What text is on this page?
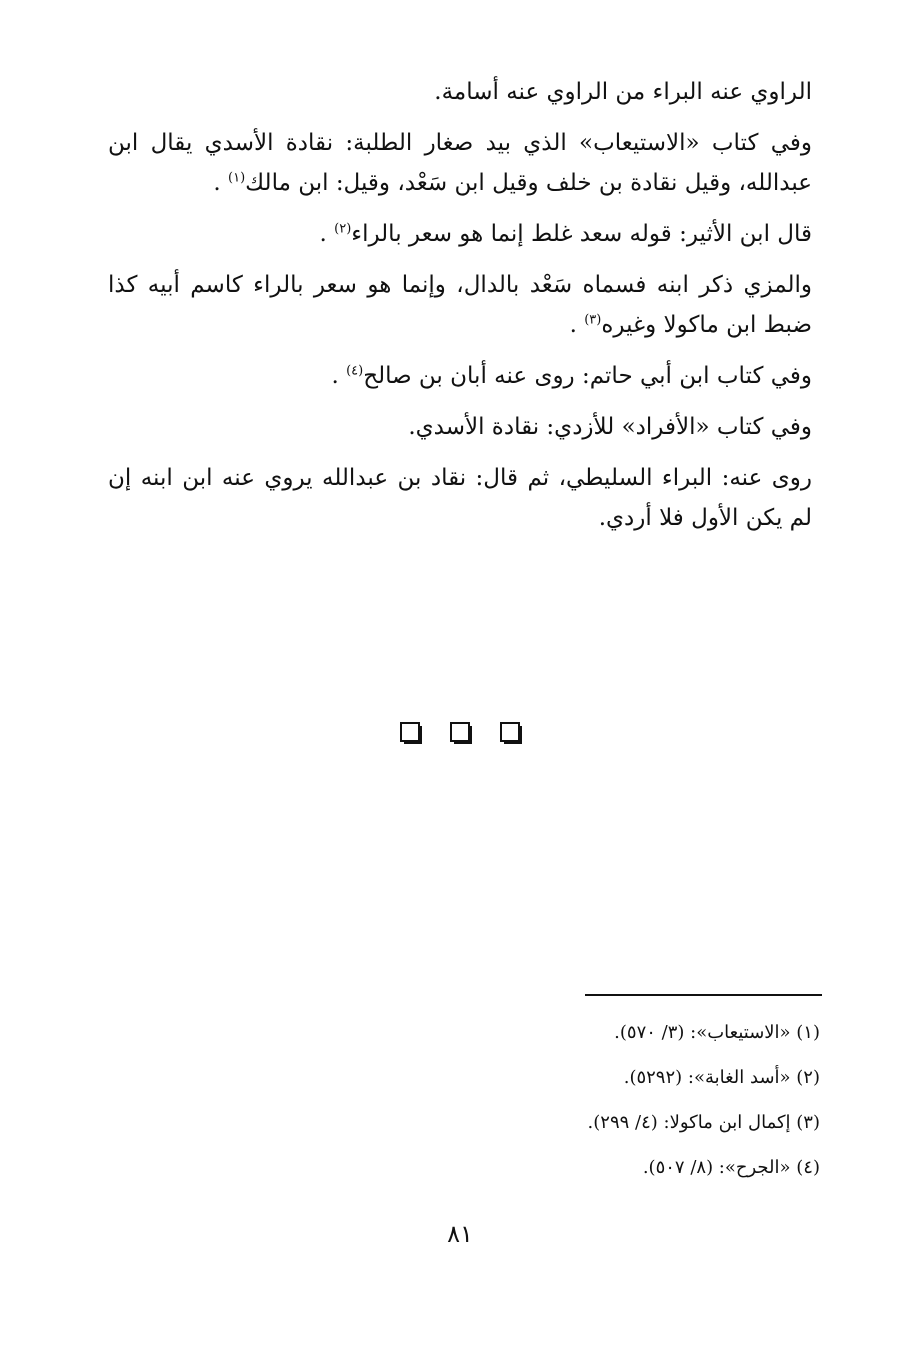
الراوي عنه البراء من الراوي عنه أسامة.

وفي كتاب «الاستيعاب» الذي بيد صغار الطلبة: نقادة الأسدي يقال ابن عبدالله، وقيل نقادة بن خلف وقيل ابن سَعْد، وقيل: ابن مالك$^{(١)}$ .

قال ابن الأثير: قوله سعد غلط إنما هو سعر بالراء$^{(٢)}$ .

والمزي ذكر ابنه فسماه سَعْد بالدال، وإنما هو سعر بالراء كاسم أبيه كذا ضبط ابن ماكولا وغيره$^{(٣)}$ .

وفي كتاب ابن أبي حاتم: روى عنه أبان بن صالح$^{(٤)}$ .

وفي كتاب «الأفراد» للأزدي: نقادة الأسدي.

روى عنه: البراء السليطي، ثم قال: نقاد بن عبدالله يروي عنه ابن ابنه إن لم يكن الأول فلا أردي.

(١) «الاستيعاب»: (٣/ ٥٧٠).

(٢) «أسد الغابة»: (٥٢٩٢).

(٣) إكمال ابن ماكولا: (٤/ ٢٩٩).

(٤) «الجرح»: (٨/ ٥٠٧).

٨١
